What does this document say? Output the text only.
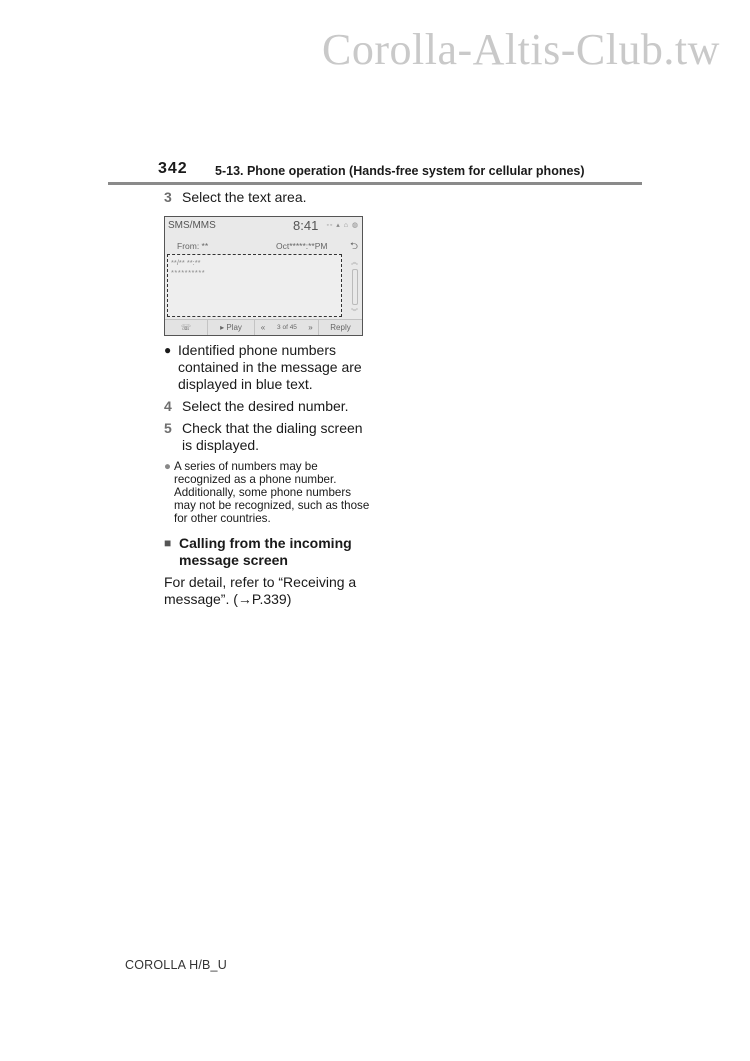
Corolla-Altis-Club.tw
342 5-13. Phone operation (Hands-free system for cellular phones)
3 Select the text area.
SMS/MMS	8:41 ◦◦ ▴ ⌂ ◍
From: **	Oct*****:**PM ⮌
**/** **:**
**********
︽
︾
☏	▸ Play	«	3 of 45	»	Reply
● Identified phone numbers contained in the message are displayed in blue text.
4 Select the desired number.
5 Check that the dialing screen is displayed.
● A series of numbers may be recognized as a phone number. Additionally, some phone numbers may not be recognized, such as those for other countries.
■ Calling from the incoming message screen
For detail, refer to “Receiving a message”. (→P.339)
COROLLA H/B_U
